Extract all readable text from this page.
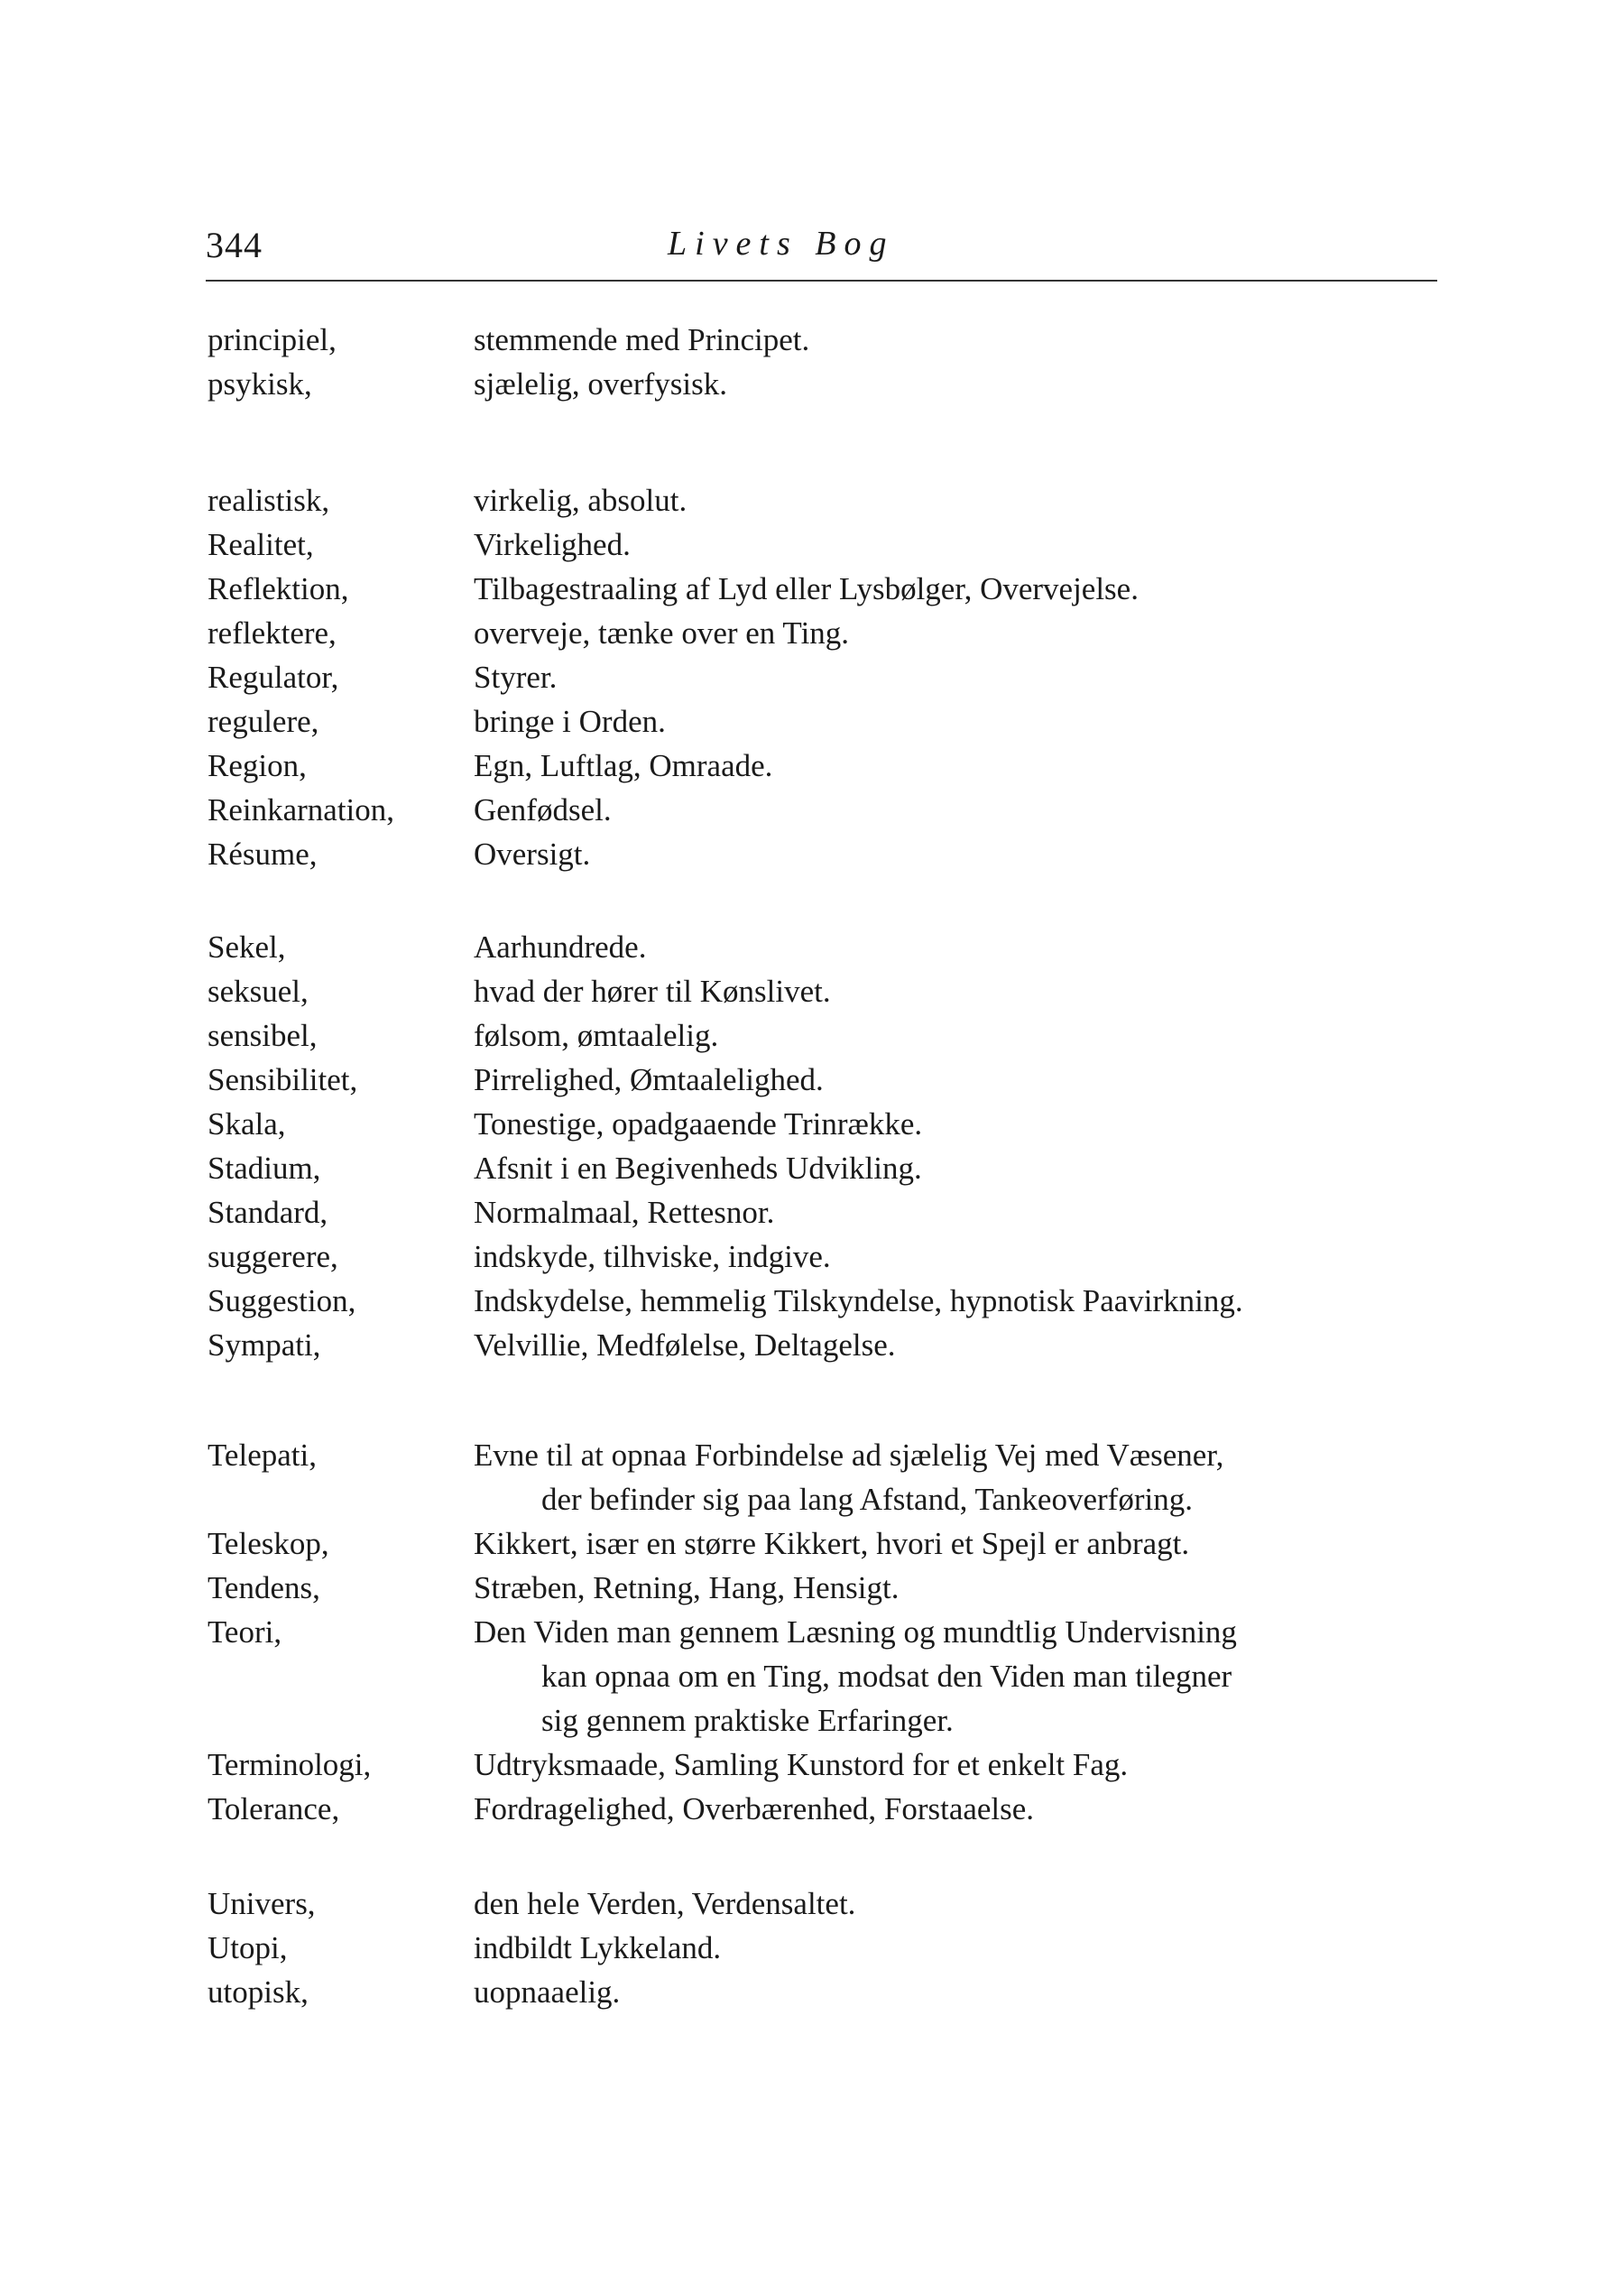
344	Livets Bog
principiel,	stemmende med Principet.
psykisk,	sjælelig, overfysisk.
realistisk,	virkelig, absolut.
Realitet,	Virkelighed.
Reflektion,	Tilbagestraaling af Lyd eller Lysbølger, Overvejelse.
reflektere,	overveje, tænke over en Ting.
Regulator,	Styrer.
regulere,	bringe i Orden.
Region,	Egn, Luftlag, Omraade.
Reinkarnation,	Genfødsel.
Résume,	Oversigt.
Sekel,	Aarhundrede.
seksuel,	hvad der hører til Kønslivet.
sensibel,	følsom, ømtaalelig.
Sensibilitet,	Pirrelighed, Ømtaalelighed.
Skala,	Tonestige, opadgaaende Trinrække.
Stadium,	Afsnit i en Begivenheds Udvikling.
Standard,	Normalmaal, Rettesnor.
suggerere,	indskyde, tilhviske, indgive.
Suggestion,	Indskydelse, hemmelig Tilskyndelse, hypnotisk Paavirkning.
Sympati,	Velvillie, Medfølelse, Deltagelse.
Telepati,	Evne til at opnaa Forbindelse ad sjælelig Vej med Væsener,
der befinder sig paa lang Afstand, Tankeoverføring.
Teleskop,	Kikkert, især en større Kikkert, hvori et Spejl er anbragt.
Tendens,	Stræben, Retning, Hang, Hensigt.
Teori,	Den Viden man gennem Læsning og mundtlig Undervisning
kan opnaa om en Ting, modsat den Viden man tilegner
sig gennem praktiske Erfaringer.
Terminologi,	Udtryksmaade, Samling Kunstord for et enkelt Fag.
Tolerance,	Fordragelighed, Overbærenhed, Forstaaelse.
Univers,	den hele Verden, Verdensaltet.
Utopi,	indbildt Lykkeland.
utopisk,	uopnaaelig.
